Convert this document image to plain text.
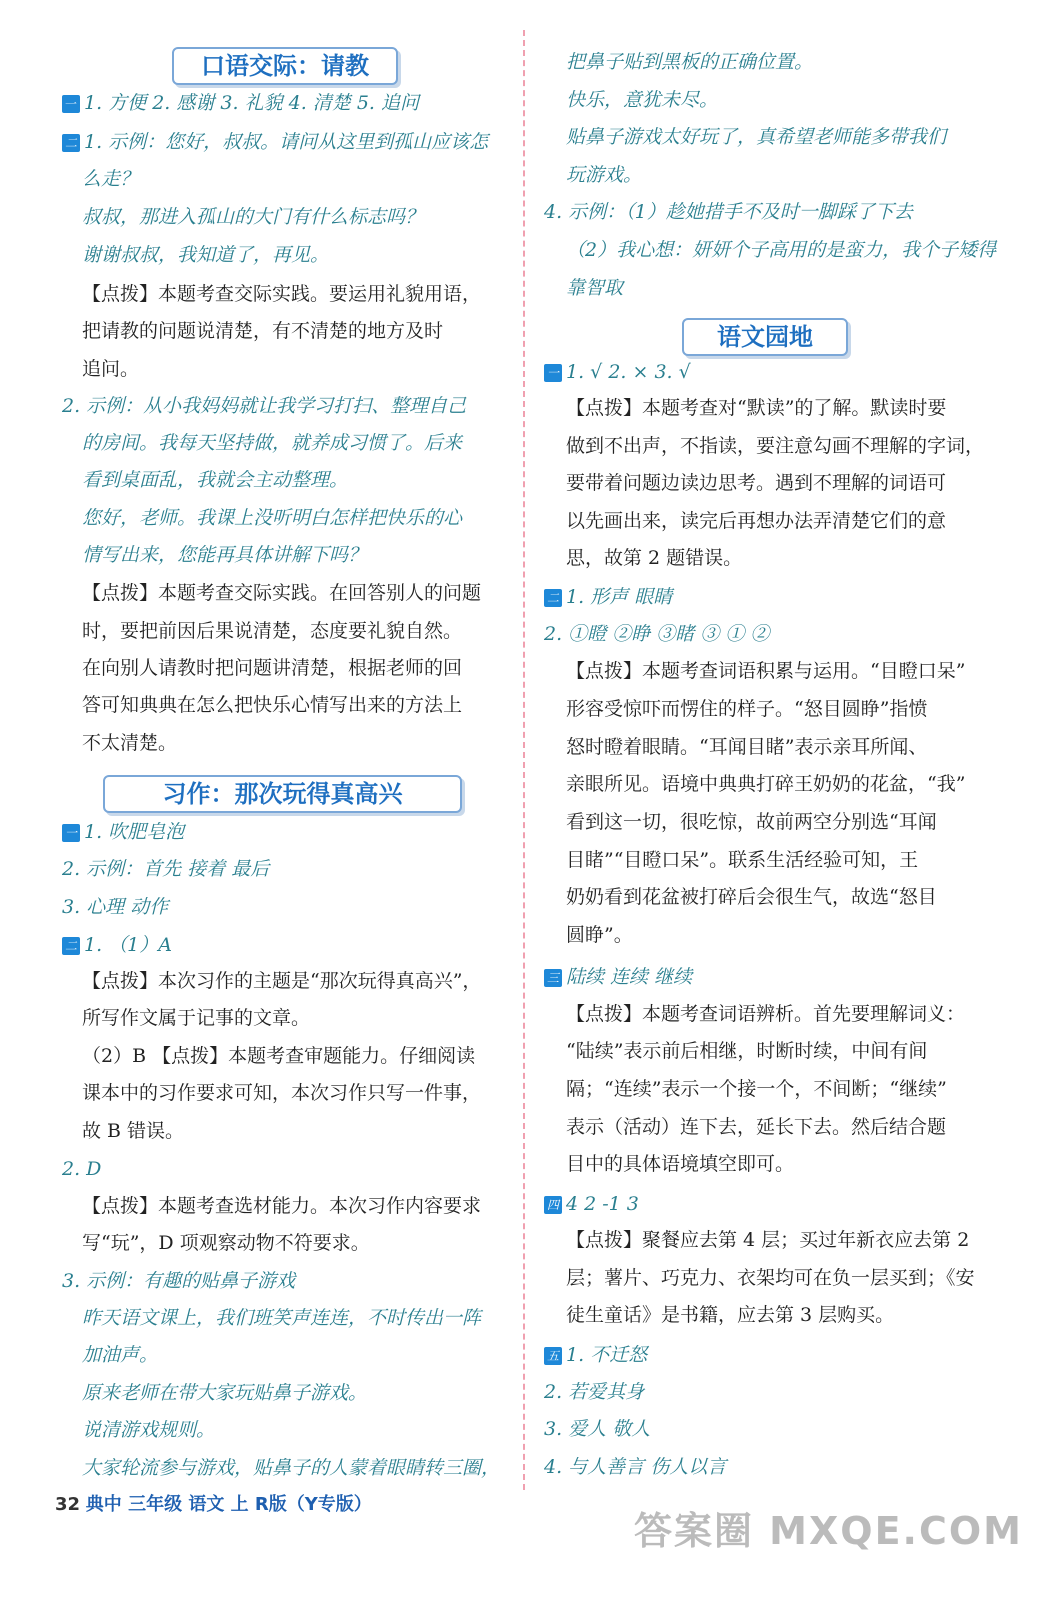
口语交际：请教
一 1. 方便 2. 感谢 3. 礼貌 4. 清楚 5. 追问
二 1. 示例：您好，叔叔。请问从这里到孤山应该怎
么走？
叔叔，那进入孤山的大门有什么标志吗？
谢谢叔叔，我知道了，再见。
【点拨】本题考查交际实践。要运用礼貌用语，
把请教的问题说清楚，有不清楚的地方及时
追问。
2. 示例：从小我妈妈就让我学习打扫、整理自己
的房间。我每天坚持做，就养成习惯了。后来
看到桌面乱，我就会主动整理。
您好，老师。我课上没听明白怎样把快乐的心
情写出来，您能再具体讲解下吗？
【点拨】本题考查交际实践。在回答别人的问题
时，要把前因后果说清楚，态度要礼貌自然。
在向别人请教时把问题讲清楚，根据老师的回
答可知典典在怎么把快乐心情写出来的方法上
不太清楚。
习作：那次玩得真高兴
一 1. 吹肥皂泡
2. 示例：首先 接着 最后
3. 心理 动作
二 1. （1）A
【点拨】本次习作的主题是“那次玩得真高兴”，
所写作文属于记事的文章。
（2）B 【点拨】本题考查审题能力。仔细阅读
课本中的习作要求可知，本次习作只写一件事，
故 B 错误。
2. D
【点拨】本题考查选材能力。本次习作内容要求
写“玩”，D 项观察动物不符要求。
3. 示例：有趣的贴鼻子游戏
昨天语文课上，我们班笑声连连，不时传出一阵
加油声。
原来老师在带大家玩贴鼻子游戏。
说清游戏规则。
大家轮流参与游戏，贴鼻子的人蒙着眼睛转三圈，
把鼻子贴到黑板的正确位置。
快乐，意犹未尽。
贴鼻子游戏太好玩了，真希望老师能多带我们
玩游戏。
4. 示例：（1）趁她措手不及时一脚踩了下去
（2）我心想：妍妍个子高用的是蛮力，我个子矮得
靠智取
语文园地
一 1. √ 2. × 3. √
【点拨】本题考查对“默读”的了解。默读时要
做到不出声，不指读，要注意勾画不理解的字词，
要带着问题边读边思考。遇到不理解的词语可
以先画出来，读完后再想办法弄清楚它们的意
思，故第 2 题错误。
二 1. 形声 眼睛
2. ①瞪 ②睁 ③睹 ③ ① ②
【点拨】本题考查词语积累与运用。“目瞪口呆”
形容受惊吓而愣住的样子。“怒目圆睁”指愤
怒时瞪着眼睛。“耳闻目睹”表示亲耳所闻、
亲眼所见。语境中典典打碎王奶奶的花盆，“我”
看到这一切，很吃惊，故前两空分别选“耳闻
目睹”“目瞪口呆”。联系生活经验可知，王
奶奶看到花盆被打碎后会很生气，故选“怒目
圆睁”。
三 陆续 连续 继续
【点拨】本题考查词语辨析。首先要理解词义：
“陆续”表示前后相继，时断时续，中间有间
隔；“连续”表示一个接一个，不间断；“继续”
表示（活动）连下去，延长下去。然后结合题
目中的具体语境填空即可。
四 4 2 -1 3
【点拨】聚餐应去第 4 层；买过年新衣应去第 2
层；薯片、巧克力、衣架均可在负一层买到；《安
徒生童话》是书籍，应去第 3 层购买。
五 1. 不迁怒
2. 若爱其身
3. 爱人 敬人
4. 与人善言 伤人以言
32 典中 三年级 语文 上 R版（Y专版）
答案圈 MXQE.COM
